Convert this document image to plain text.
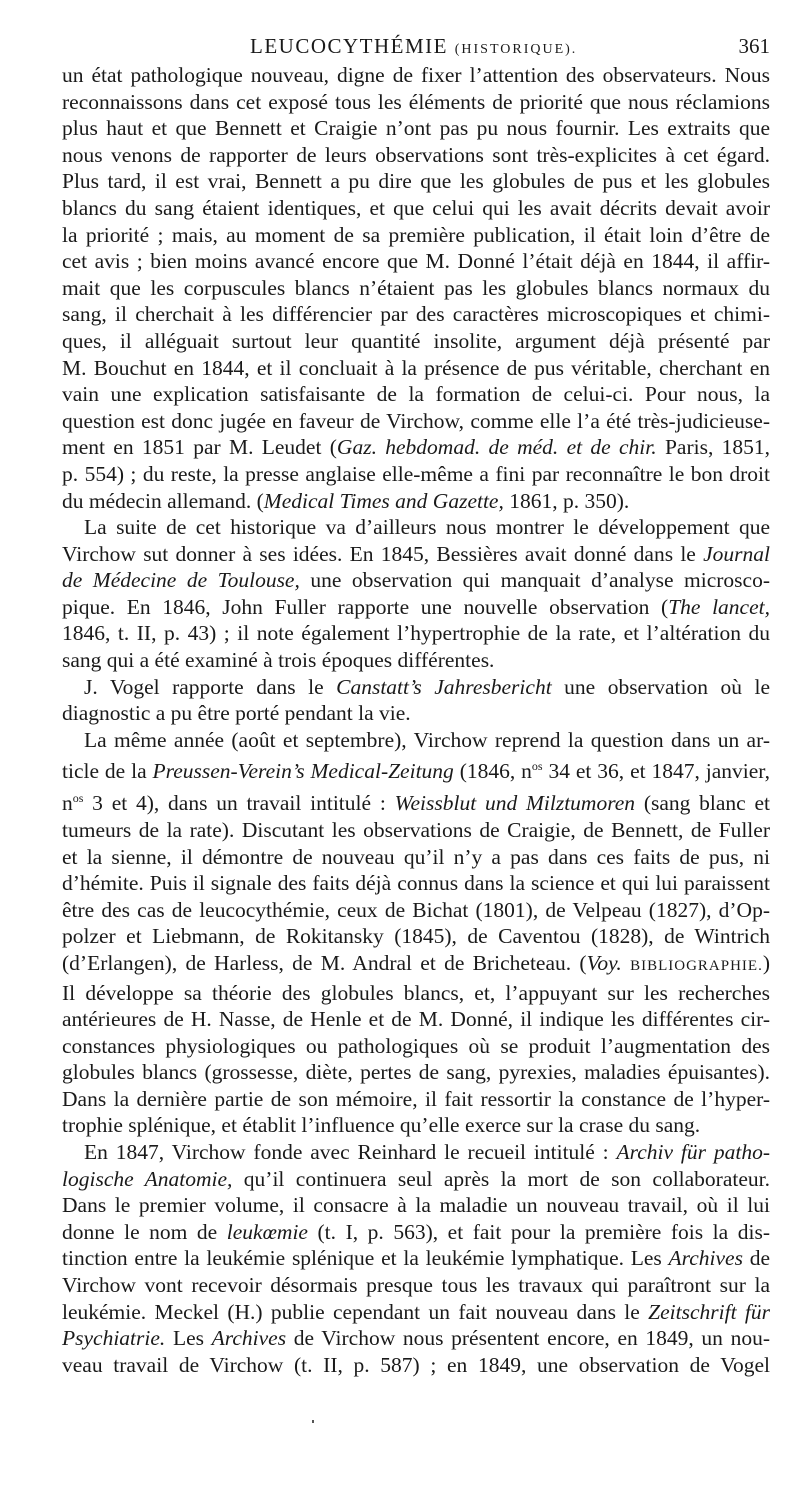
LEUCOCYTHÉMIE (HISTORIQUE).	361
un état pathologique nouveau, digne de fixer l’attention des observateurs. Nous
reconnaissons dans cet exposé tous les éléments de priorité que nous réclamions
plus haut et que Bennett et Craigie n’ont pas pu nous fournir. Les extraits que
nous venons de rapporter de leurs observations sont très-explicites à cet égard.
Plus tard, il est vrai, Bennett a pu dire que les globules de pus et les globules
blancs du sang étaient identiques, et que celui qui les avait décrits devait avoir
la priorité ; mais, au moment de sa première publication, il était loin d’être de
cet avis ; bien moins avancé encore que M. Donné l’était déjà en 1844, il affir-
mait que les corpuscules blancs n’étaient pas les globules blancs normaux du
sang, il cherchait à les différencier par des caractères microscopiques et chimi-
ques, il alléguait surtout leur quantité insolite, argument déjà présenté par
M. Bouchut en 1844, et il concluait à la présence de pus véritable, cherchant en
vain une explication satisfaisante de la formation de celui-ci. Pour nous, la
question est donc jugée en faveur de Virchow, comme elle l’a été très-judicieuse-
ment en 1851 par M. Leudet (Gaz. hebdomad. de méd. et de chir. Paris, 1851,
p. 554) ; du reste, la presse anglaise elle-même a fini par reconnaître le bon droit
du médecin allemand. (Medical Times and Gazette, 1861, p. 350).
La suite de cet historique va d’ailleurs nous montrer le développement que
Virchow sut donner à ses idées. En 1845, Bessières avait donné dans le Journal
de Médecine de Toulouse, une observation qui manquait d’analyse microsco-
pique. En 1846, John Fuller rapporte une nouvelle observation (The lancet,
1846, t. II, p. 43) ; il note également l’hypertrophie de la rate, et l’altération du
sang qui a été examiné à trois époques différentes.
J. Vogel rapporte dans le Canstatt’s Jahresbericht une observation où le
diagnostic a pu être porté pendant la vie.
La même année (août et septembre), Virchow reprend la question dans un ar-
ticle de la Preussen-Verein’s Medical-Zeitung (1846, $n^{os}$ 34 et 36, et 1847, janvier,
$n^{os}$ 3 et 4), dans un travail intitulé : Weissblut und Milztumoren (sang blanc et
tumeurs de la rate). Discutant les observations de Craigie, de Bennett, de Fuller
et la sienne, il démontre de nouveau qu’il n’y a pas dans ces faits de pus, ni
d’hémite. Puis il signale des faits déjà connus dans la science et qui lui paraissent
être des cas de leucocythémie, ceux de Bichat (1801), de Velpeau (1827), d’Op-
polzer et Liebmann, de Rokitansky (1845), de Caventou (1828), de Wintrich
(d’Erlangen), de Harless, de M. Andral et de Bricheteau. (Voy. BIBLIOGRAPHIE.)
Il développe sa théorie des globules blancs, et, l’appuyant sur les recherches
antérieures de H. Nasse, de Henle et de M. Donné, il indique les différentes cir-
constances physiologiques ou pathologiques où se produit l’augmentation des
globules blancs (grossesse, diète, pertes de sang, pyrexies, maladies épuisantes).
Dans la dernière partie de son mémoire, il fait ressortir la constance de l’hyper-
trophie splénique, et établit l’influence qu’elle exerce sur la crase du sang.
En 1847, Virchow fonde avec Reinhard le recueil intitulé : Archiv für patho-
logische Anatomie, qu’il continuera seul après la mort de son collaborateur.
Dans le premier volume, il consacre à la maladie un nouveau travail, où il lui
donne le nom de leukœmie (t. I, p. 563), et fait pour la première fois la dis-
tinction entre la leukémie splénique et la leukémie lymphatique. Les Archives de
Virchow vont recevoir désormais presque tous les travaux qui paraîtront sur la
leukémie. Meckel (H.) publie cependant un fait nouveau dans le Zeitschrift für
Psychiatrie. Les Archives de Virchow nous présentent encore, en 1849, un nou-
veau travail de Virchow (t. II, p. 587) ; en 1849, une observation de Vogel
